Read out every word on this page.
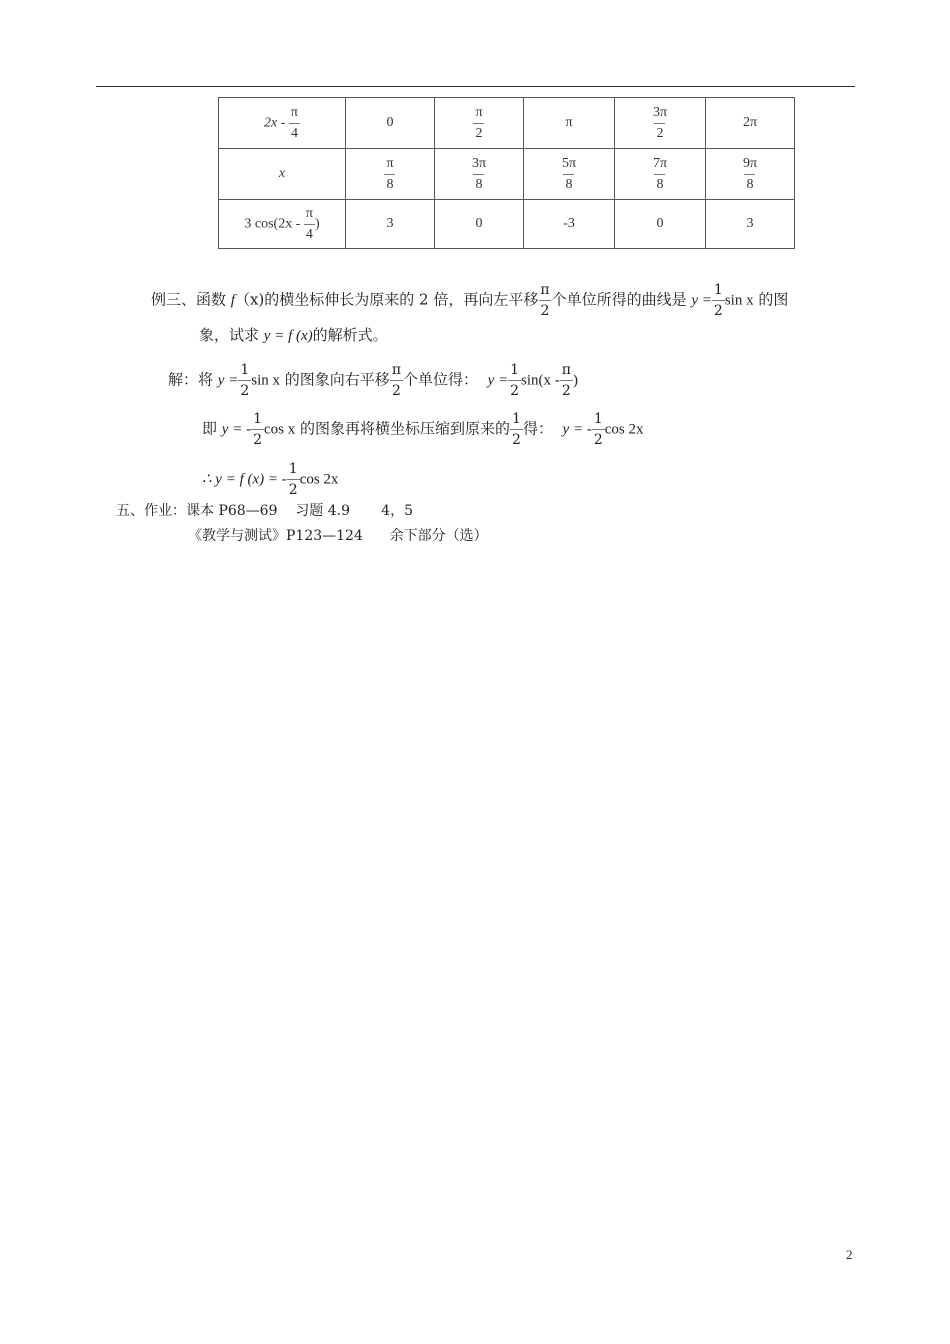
$2x - \frac{\pi}{4}$	0	$\frac{\pi}{2}$	π	$\frac{3\pi}{2}$	2π
x	$\frac{\pi}{8}$	$\frac{3\pi}{8}$	$\frac{5\pi}{8}$	$\frac{7\pi}{8}$	$\frac{9\pi}{8}$

3 $\cos(2x - \frac{\pi}{4}$ )	3	0	-3	0	3
例三、函数 f（x)的横坐标伸长为原来的 2 倍，再向左平移 $\frac{\pi}{2}$ 个单位所得的曲线是 $y = \frac{1}{2}$ sin x 的图
象，试求 y = f (x)的解析式。
解：将 $y = \frac{1}{2}$ sin x 的图象向右平移 $\frac{\pi}{2}$ 个单位得： $y = \frac{1}{2} \sin(x - \frac{\pi}{2}$ )
即 y = - $\frac{1}{2}$ cos x 的图象再将横坐标压缩到原来的 $\frac{1}{2}$ 得： y = - $\frac{1}{2}$ cos 2x
∴ y = f (x) = - $\frac{1}{2}$ cos 2x
五、作业：课本 P68—69    习题 4.9       4，5
《教学与测试》P123—124      余下部分（选）
2
